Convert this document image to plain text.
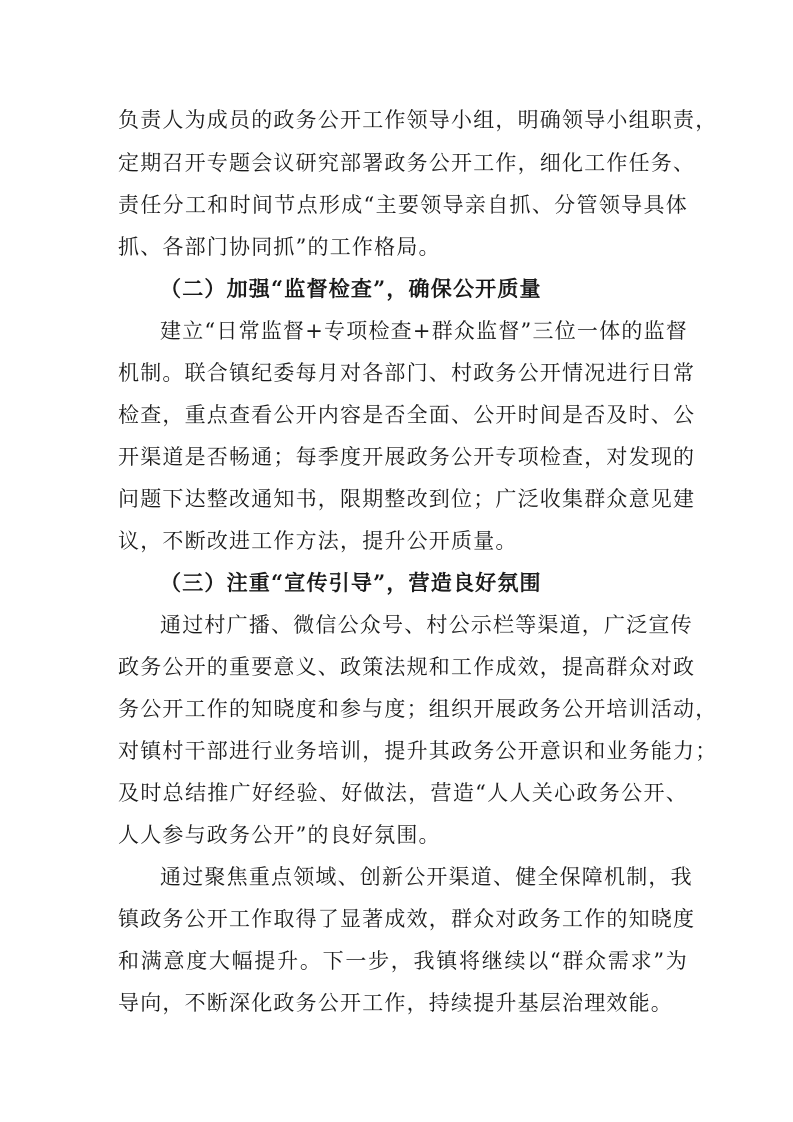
负责人为成员的政务公开工作领导小组，明确领导小组职责，
定期召开专题会议研究部署政务公开工作，细化工作任务、
责任分工和时间节点形成“主要领导亲自抓、分管领导具体
抓、各部门协同抓”的工作格局。
（二）加强“监督检查”，确保公开质量
建立“日常监督+专项检查+群众监督”三位一体的监督
机制。联合镇纪委每月对各部门、村政务公开情况进行日常
检查，重点查看公开内容是否全面、公开时间是否及时、公
开渠道是否畅通；每季度开展政务公开专项检查，对发现的
问题下达整改通知书，限期整改到位；广泛收集群众意见建
议，不断改进工作方法，提升公开质量。
（三）注重“宣传引导”，营造良好氛围
通过村广播、微信公众号、村公示栏等渠道，广泛宣传
政务公开的重要意义、政策法规和工作成效，提高群众对政
务公开工作的知晓度和参与度；组织开展政务公开培训活动，
对镇村干部进行业务培训，提升其政务公开意识和业务能力；
及时总结推广好经验、好做法，营造“人人关心政务公开、
人人参与政务公开”的良好氛围。
通过聚焦重点领域、创新公开渠道、健全保障机制，我
镇政务公开工作取得了显著成效，群众对政务工作的知晓度
和满意度大幅提升。下一步，我镇将继续以“群众需求”为
导向，不断深化政务公开工作，持续提升基层治理效能。
